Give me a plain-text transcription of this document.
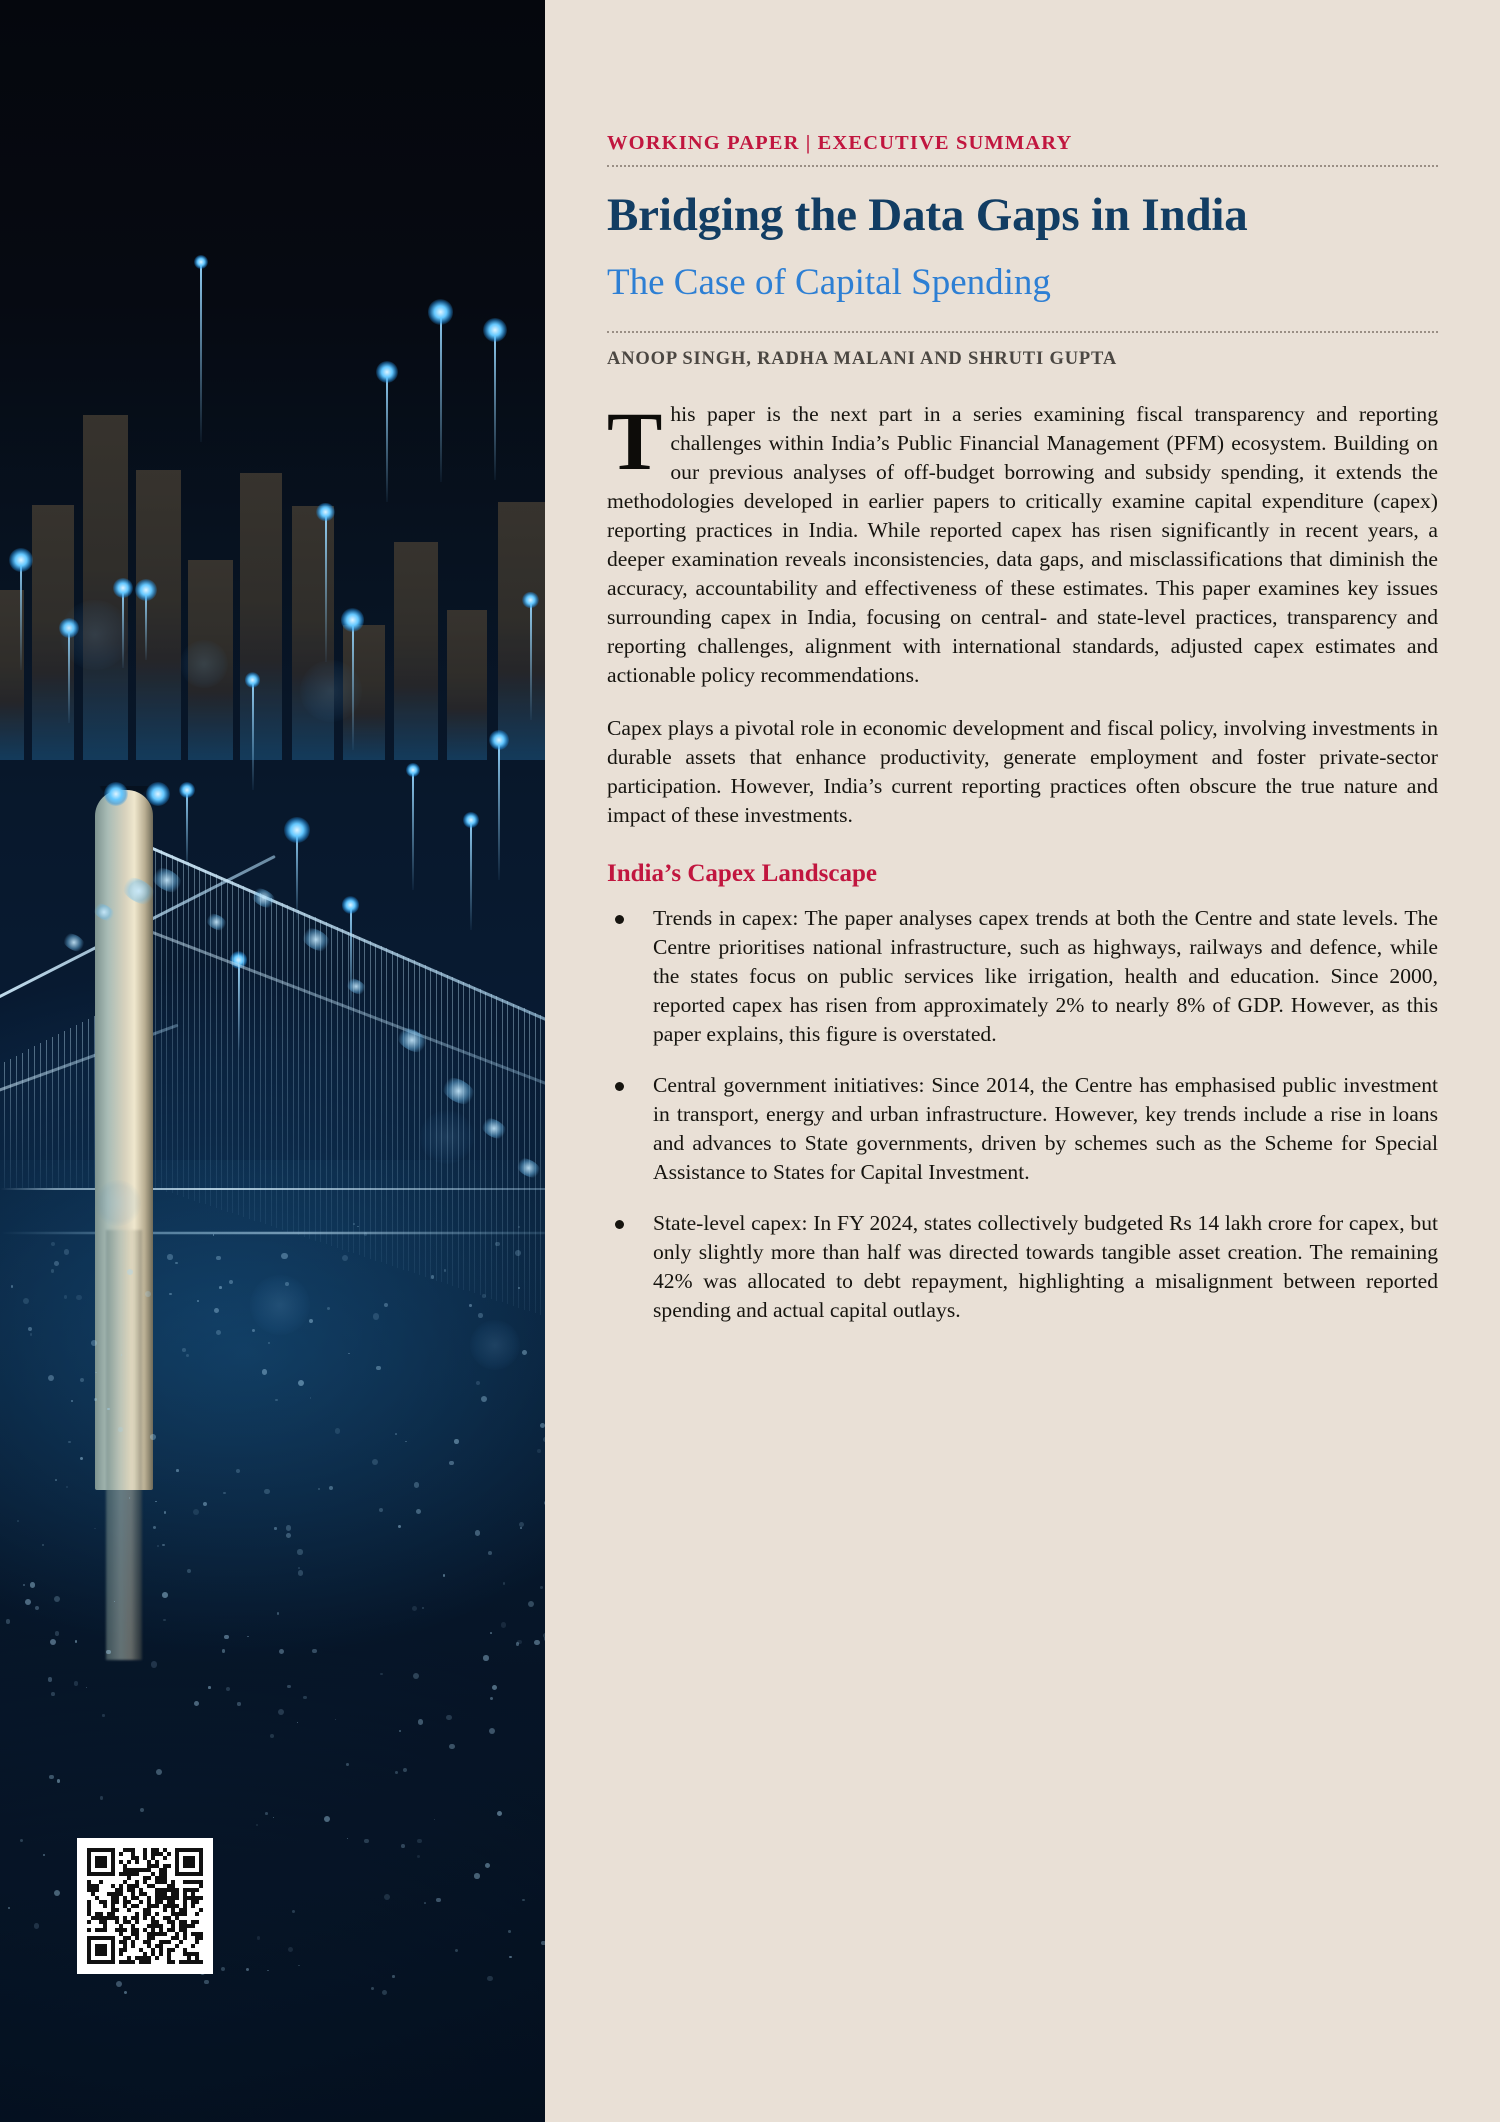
WORKING PAPER | EXECUTIVE SUMMARY
Bridging the Data Gaps in India
The Case of Capital Spending
ANOOP SINGH, RADHA MALANI AND SHRUTI GUPTA

This paper is the next part in a series examining fiscal transparency and reporting challenges within India’s Public Financial Management (PFM) ecosystem. Building on our previous analyses of off-budget borrowing and subsidy spending, it extends the methodologies developed in earlier papers to critically examine capital expenditure (capex) reporting practices in India. While reported capex has risen significantly in recent years, a deeper examination reveals inconsistencies, data gaps, and misclassifications that diminish the accuracy, accountability and effectiveness of these estimates. This paper examines key issues surrounding capex in India, focusing on central- and state-level practices, transparency and reporting challenges, alignment with international standards, adjusted capex estimates and actionable policy recommendations.

Capex plays a pivotal role in economic development and fiscal policy, involving investments in durable assets that enhance productivity, generate employment and foster private-sector participation. However, India’s current reporting practices often obscure the true nature and impact of these investments.

India’s Capex Landscape
Trends in capex: The paper analyses capex trends at both the Centre and state levels. The Centre prioritises national infrastructure, such as highways, railways and defence, while the states focus on public services like irrigation, health and education. Since 2000, reported capex has risen from approximately 2% to nearly 8% of GDP. However, as this paper explains, this figure is overstated.
Central government initiatives: Since 2014, the Centre has emphasised public investment in transport, energy and urban infrastructure. However, key trends include a rise in loans and advances to State governments, driven by schemes such as the Scheme for Special Assistance to States for Capital Investment.
State-level capex: In FY 2024, states collectively budgeted Rs 14 lakh crore for capex, but only slightly more than half was directed towards tangible asset creation. The remaining 42% was allocated to debt repayment, highlighting a misalignment between reported spending and actual capital outlays.
